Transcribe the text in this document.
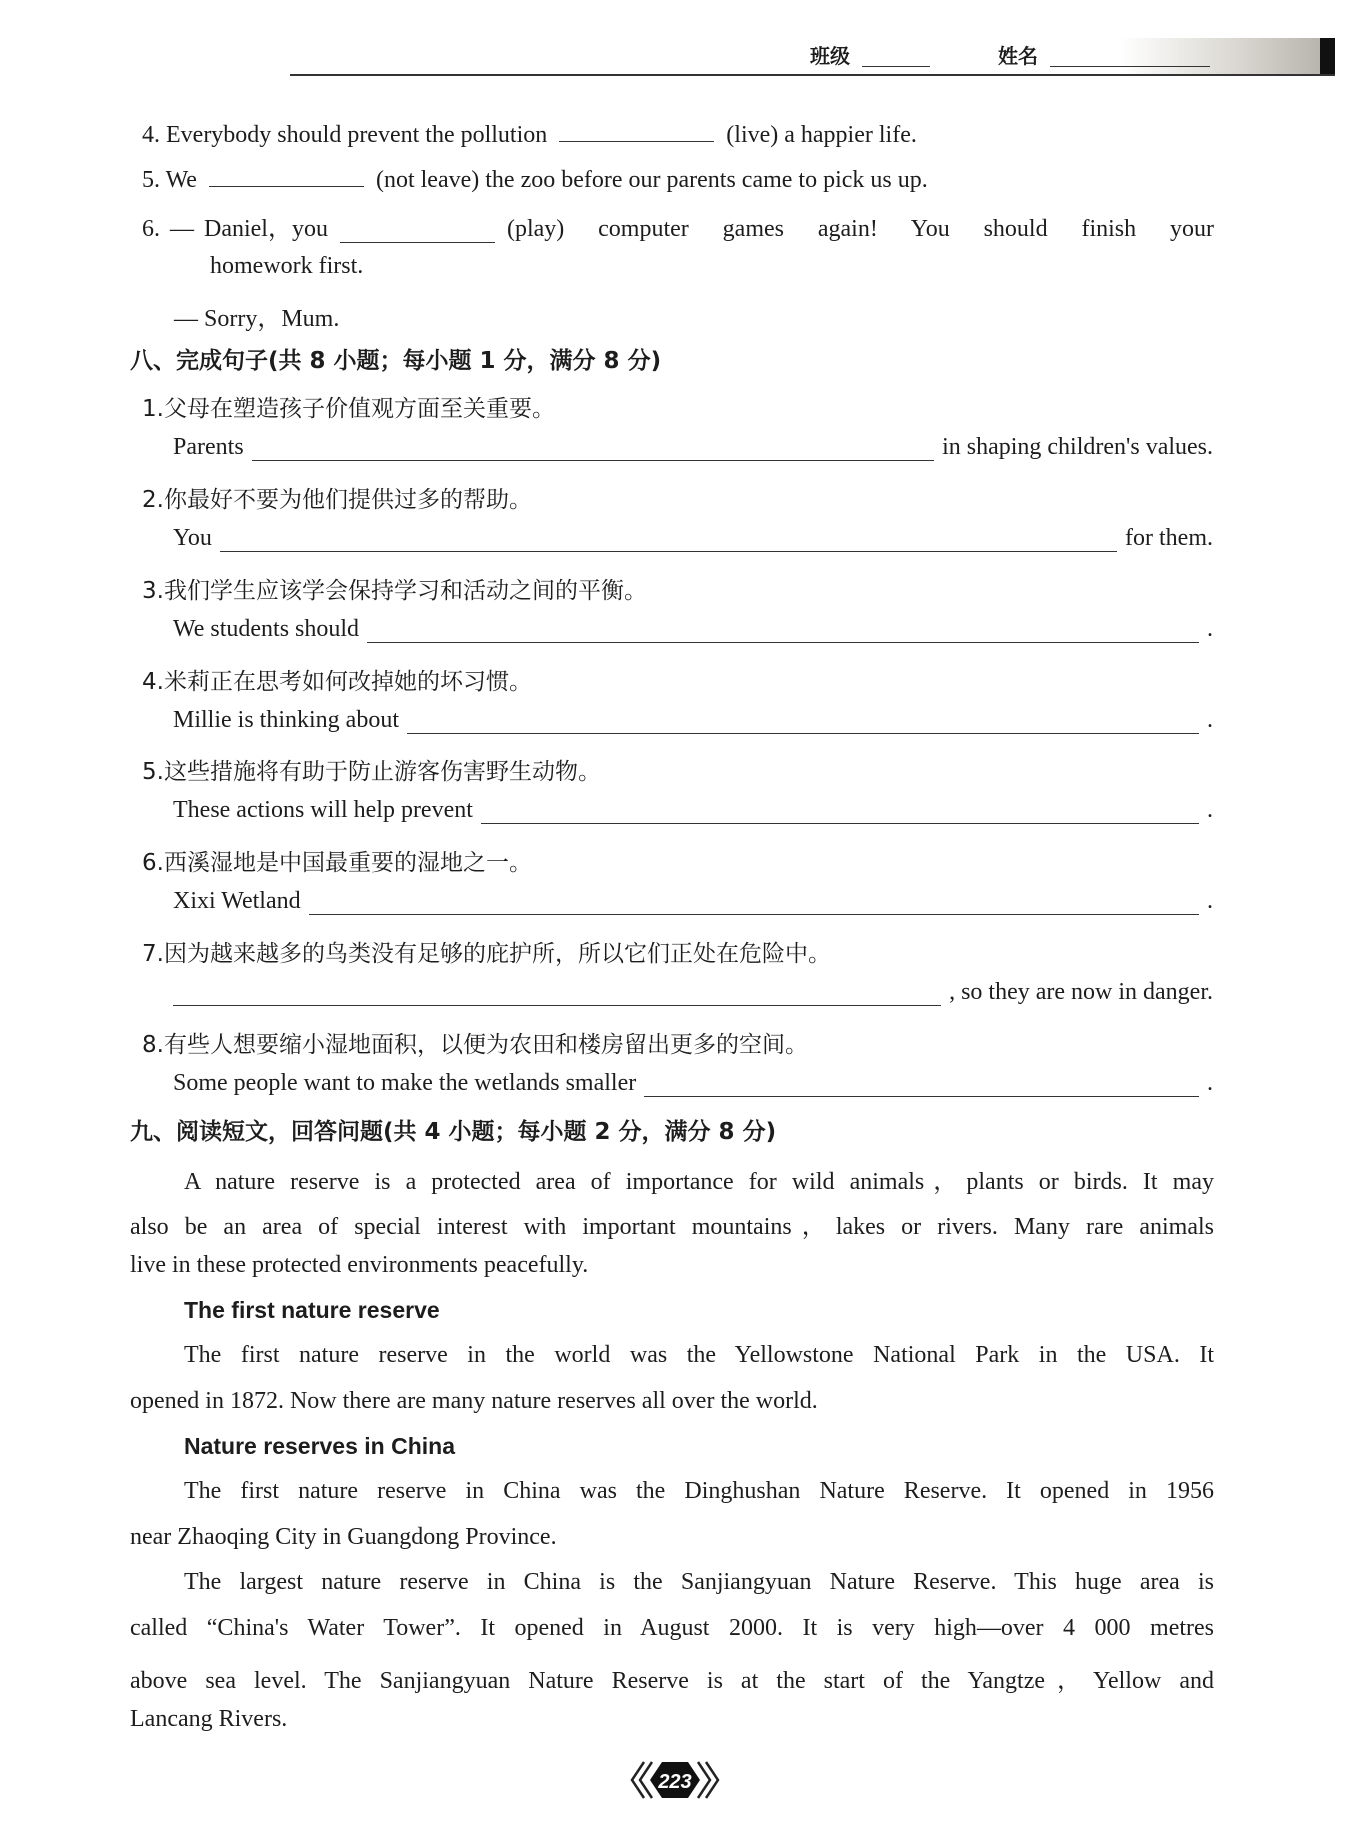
班级	姓名
4. Everybody should prevent the pollution	(live) a happier life.
5. We	(not leave) the zoo before our parents came to pick us up.
6. — Daniel，you	(play) computer games again! You should finish your
homework first.
— Sorry，Mum.
八、完成句子(共 8 小题；每小题 1 分，满分 8 分)
1.父母在塑造孩子价值观方面至关重要。
Parents	in shaping children's values.
2.你最好不要为他们提供过多的帮助。
You	for them.
3.我们学生应该学会保持学习和活动之间的平衡。
We students should	.
4.米莉正在思考如何改掉她的坏习惯。
Millie is thinking about	.
5.这些措施将有助于防止游客伤害野生动物。
These actions will help prevent	.
6.西溪湿地是中国最重要的湿地之一。
Xixi Wetland	.
7.因为越来越多的鸟类没有足够的庇护所，所以它们正处在危险中。
, so they are now in danger.
8.有些人想要缩小湿地面积，以便为农田和楼房留出更多的空间。
Some people want to make the wetlands smaller	.
九、阅读短文，回答问题(共 4 小题；每小题 2 分，满分 8 分)
A nature reserve is a protected area of importance for wild animals，plants or birds. It may
also be an area of special interest with important mountains，lakes or rivers. Many rare animals
live in these protected environments peacefully.
The first nature reserve
The first nature reserve in the world was the Yellowstone National Park in the USA. It
opened in 1872. Now there are many nature reserves all over the world.
Nature reserves in China
The first nature reserve in China was the Dinghushan Nature Reserve. It opened in 1956
near Zhaoqing City in Guangdong Province.
The largest nature reserve in China is the Sanjiangyuan Nature Reserve. This huge area is
called “China's Water Tower”. It opened in August 2000. It is very high—over 4 000 metres
above sea level. The Sanjiangyuan Nature Reserve is at the start of the Yangtze，Yellow and
Lancang Rivers.
223
